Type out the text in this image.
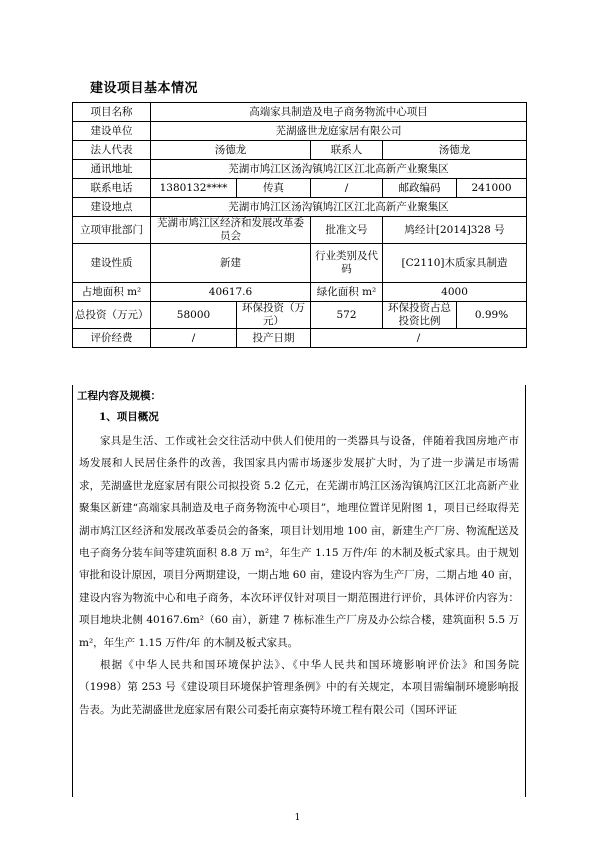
建设项目基本情况
项目名称	高端家具制造及电子商务物流中心项目				
建设单位	芜湖盛世龙庭家居有限公司				
法人代表	汤德龙		联系人	汤德龙	
通讯地址	芜湖市鸠江区汤沟镇鸠江区江北高新产业聚集区				
联系电话	1380132****	传真	/	邮政编码	241000
建设地点	芜湖市鸠江区汤沟镇鸠江区江北高新产业聚集区				
立项审批部门	芜湖市鸠江区经济和发展改革委员会		批准文号	鸠经计[2014]328 号	
建设性质	新建		行业类别及代码	[C2110]木质家具制造	
占地面积 m²	40617.6		绿化面积 m²	4000	
总投资（万元）	58000	环保投资（万元）	572	环保投资占总投资比例	0.99%
评价经费	/	投产日期	/		
工程内容及规模：
1、项目概况

家具是生活、工作或社会交往活动中供人们使用的一类器具与设备，伴随着我国房地产市场发展和人民居住条件的改善，我国家具内需市场逐步发展扩大时，为了进一步满足市场需求，芜湖盛世龙庭家居有限公司拟投资 5.2 亿元，在芜湖市鸠江区汤沟镇鸠江区江北高新产业聚集区新建“高端家具制造及电子商务物流中心项目”，地理位置详见附图 1，项目已经取得芜湖市鸠江区经济和发展改革委员会的备案，项目计划用地 100 亩，新建生产厂房、物流配送及电子商务分装车间等建筑面积 8.8 万 m²，年生产 1.15 万件/年 的木制及板式家具。由于规划审批和设计原因，项目分两期建设，一期占地 60 亩，建设内容为生产厂房，二期占地 40 亩，建设内容为物流中心和电子商务，本次环评仅针对项目一期范围进行评价，具体评价内容为：项目地块北侧 40167.6m²（60 亩），新建 7 栋标准生产厂房及办公综合楼，建筑面积 5.5 万 m²，年生产 1.15 万件/年 的木制及板式家具。

根据《中华人民共和国环境保护法》、《中华人民共和国环境影响评价法》和国务院（1998）第 253 号《建设项目环境保护管理条例》中的有关规定，本项目需编制环境影响报告表。为此芜湖盛世龙庭家居有限公司委托南京赛特环境工程有限公司（国环评证

1
